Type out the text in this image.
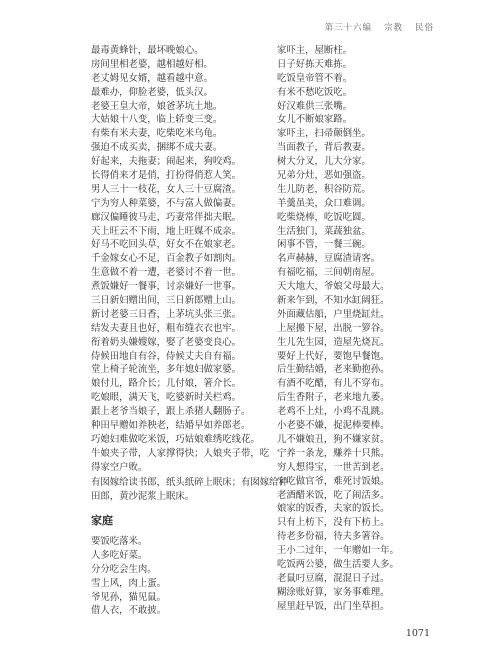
第三十六编 宗教 民俗
最毒黄蜂针，最坏晚娘心。
房间里相老婆，越相越好相。
老丈姆见女婿，越看越中意。
最难办，仰脸老婆，低头汉。
老婆王皇大帝，娘爸茅坑土地。
大姑娘十八变，临上轿变三变。
有柴有米夫妻，吃柴吃米乌龟。
强迫不成买卖，捆绑不成夫妻。
好起来，夫拖妻；闹起来，狗咬鸡。
长得俏来才是俏，打扮得俏惹人笑。
男人三十一枝花，女人三十豆腐渣。
宁为穷人种菜婆，不与富人做偏妻。
廊汉偏睡彼马走，巧妻常伴拙夫眠。
天上旺云不下雨，地上旺媒不成亲。
好马不吃回头草，好女不在娘家老。
千金嫁女心不足，百金教子如割肉。
生意做不着一遭，老婆讨不着一世。
煮饭嫌好一餐事，讨亲嫌好一世事。
三日新妇赠出间，三日新郎赠上山。
新讨老婆三日香，上茅坑头张三张。
结发夫妻且也好，粗布缝衣衣也牢。
衔着奶头嫌嫂嫁，娶了老婆变良心。
侍候田地自有谷，侍候丈夫自有福。
堂上椅子轮流坐，多年媳妇做家婆。
娘付儿，路介长；儿付娘，箸介长。
吃娘眼，满天飞，吃婆新时关栏鸡。
跟上老爷当娘子，跟上杀猪人翻肠子。
种田早赠如养秧老，结婚早如养郎老。
巧媳妇难做吃米饭，巧姑娘难绣吃线花。
牛娘夹子带，人家撑得快；人娘夹子带，吃
得家空户败。
有囡嫁给读书郎，纸头纸碎上眠床；有囡嫁给种田郎，黄沙泥浆上眠床。
家庭
要饭吃落米。
人多吃好菜。
分分吃会生肉。
雪上风，肉上蛋。
爷见孙，猫见鼠。
借人衣，不敢披。
家吓主，屋断柱。
日子好拣天难拣。
吃饭皇帝管不着。
有米不愁吃饭吃。
好汉难供三张嘴。
女儿不断娘家路。
家吓主，扫帚颠倒坐。
当面教子，背后教妻。
树大分叉，儿大分家。
兄弟分灶，恶如强盗。
生儿防老，积谷防荒。
羊羹虽美，众口难调。
吃柴烧棒，吃饭吃圆。
生活独门，菜蔬独盆。
闲事不管，一餐三碗。
名声赫赫，豆腐渣请客。
有福吃福，三间朝南屋。
天大地大，爷娘父母最大。
新来乍到，不知水缸阔狂。
外面藏估船，户里烧缸灶。
上屋搬下屋，出脱一箩谷。
生儿先生园，造屋先烧瓦。
要好上代好，要饱早餐饱。
后生勤结婚，老来勤抱孙。
有酒不吃醋，有儿不穿布。
后生香附子，老来地九萎。
老鸡不上灶，小鸡不乱跳。
小老婆不嫌，捉泥棒要棒。
儿不嫌娘丑，狗不嫌家贫。
宁养一条龙，赚养十只熊。
穷人想得宝，一世苦到老。
宁吃做官爷，难死讨饭娘。
老酒醋米饭，吃了闹活多。
娘家的饭香，夫家的饭长。
只有上枋下，没有下枋上。
待老多份福，待夫多箸谷。
王小二过年，一年赠如一年。
吃饭两公婆，做生活要人多。
老鼠叼豆腐，混混日子过。
糊涂账好算，家务事难理。
屋里赶早饭，出门坐草担。
1071
